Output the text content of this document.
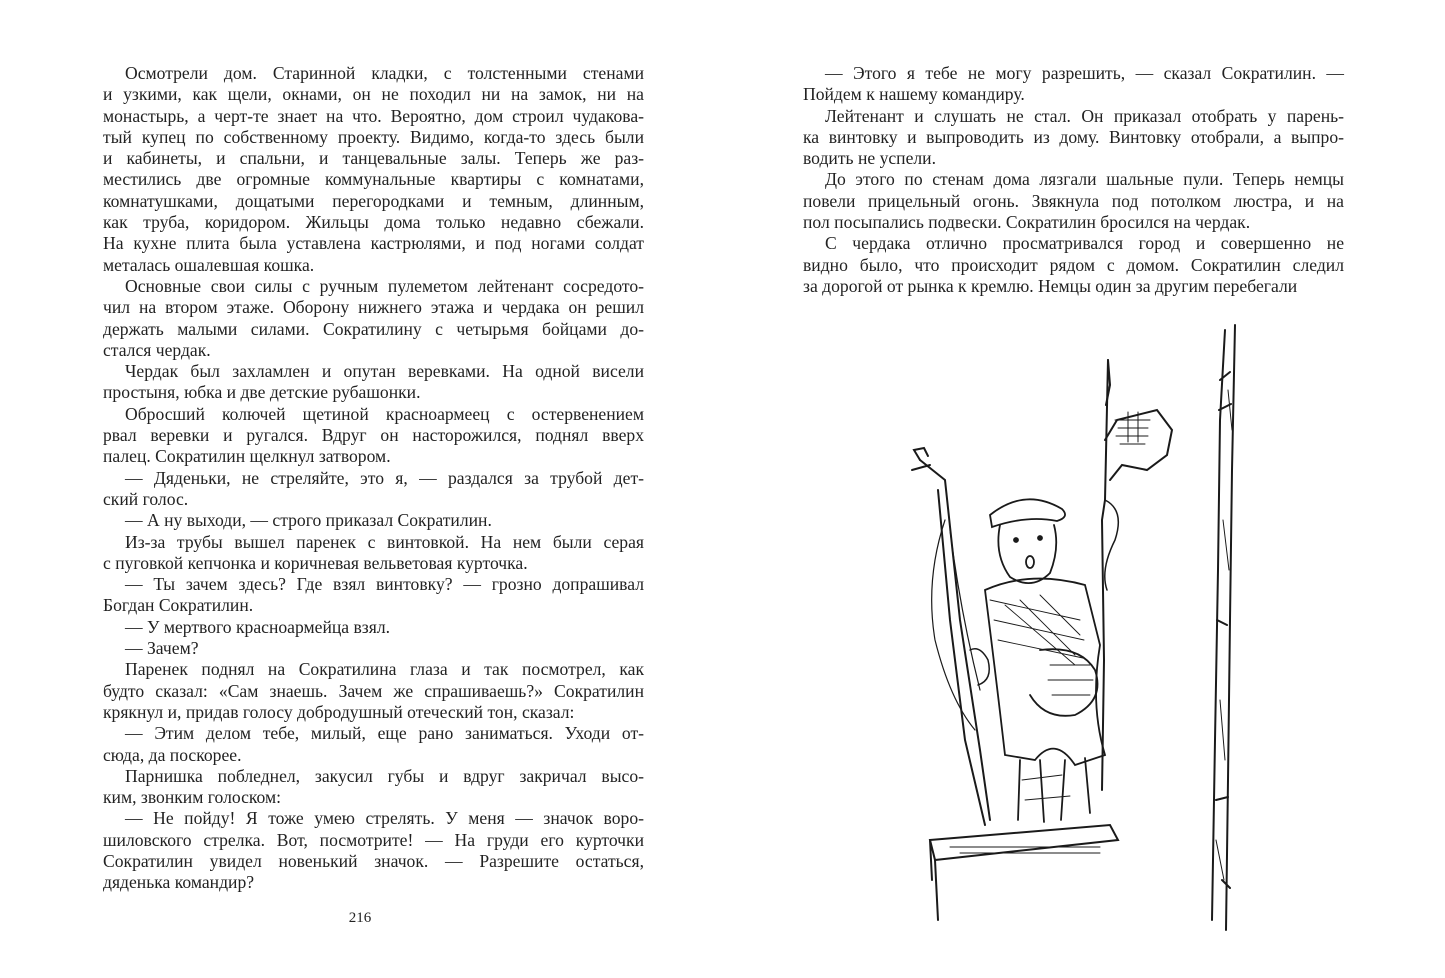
Осмотрели дом. Старинной кладки, с толстенными стенами
и узкими, как щели, окнами, он не походил ни на замок, ни на
монастырь, а черт-те знает на что. Вероятно, дом строил чудакова-
тый купец по собственному проекту. Видимо, когда-то здесь были
и кабинеты, и спальни, и танцевальные залы. Теперь же раз-
местились две огромные коммунальные квартиры с комнатами,
комнатушками, дощатыми перегородками и темным, длинным,
как труба, коридором. Жильцы дома только недавно сбежали.
На кухне плита была уставлена кастрюлями, и под ногами солдат
металась ошалевшая кошка.
Основные свои силы с ручным пулеметом лейтенант сосредото-
чил на втором этаже. Оборону нижнего этажа и чердака он решил
держать малыми силами. Сократилину с четырьмя бойцами до-
стался чердак.
Чердак был захламлен и опутан веревками. На одной висели
простыня, юбка и две детские рубашонки.
Обросший колючей щетиной красноармеец с остервенением
рвал веревки и ругался. Вдруг он насторожился, поднял вверх
палец. Сократилин щелкнул затвором.
— Дяденьки, не стреляйте, это я, — раздался за трубой дет-
ский голос.
— А ну выходи, — строго приказал Сократилин.
Из-за трубы вышел паренек с винтовкой. На нем были серая
с пуговкой кепчонка и коричневая вельветовая курточка.
— Ты зачем здесь? Где взял винтовку? — грозно допрашивал
Богдан Сократилин.
— У мертвого красноармейца взял.
— Зачем?
Паренек поднял на Сократилина глаза и так посмотрел, как
будто сказал: «Сам знаешь. Зачем же спрашиваешь?» Сократилин
крякнул и, придав голосу добродушный отеческий тон, сказал:
— Этим делом тебе, милый, еще рано заниматься. Уходи от-
сюда, да поскорее.
Парнишка побледнел, закусил губы и вдруг закричал высо-
ким, звонким голоском:
— Не пойду! Я тоже умею стрелять. У меня — значок воро-
шиловского стрелка. Вот, посмотрите! — На груди его курточки
Сократилин увидел новенький значок. — Разрешите остаться,
дяденька командир?
216
— Этого я тебе не могу разрешить, — сказал Сократилин. —
Пойдем к нашему командиру.
Лейтенант и слушать не стал. Он приказал отобрать у парень-
ка винтовку и выпроводить из дому. Винтовку отобрали, а выпро-
водить не успели.
До этого по стенам дома лязгали шальные пули. Теперь немцы
повели прицельный огонь. Звякнула под потолком люстра, и на
пол посыпались подвески. Сократилин бросился на чердак.
С чердака отлично просматривался город и совершенно не
видно было, что происходит рядом с домом. Сократилин следил
за дорогой от рынка к кремлю. Немцы один за другим перебегали
